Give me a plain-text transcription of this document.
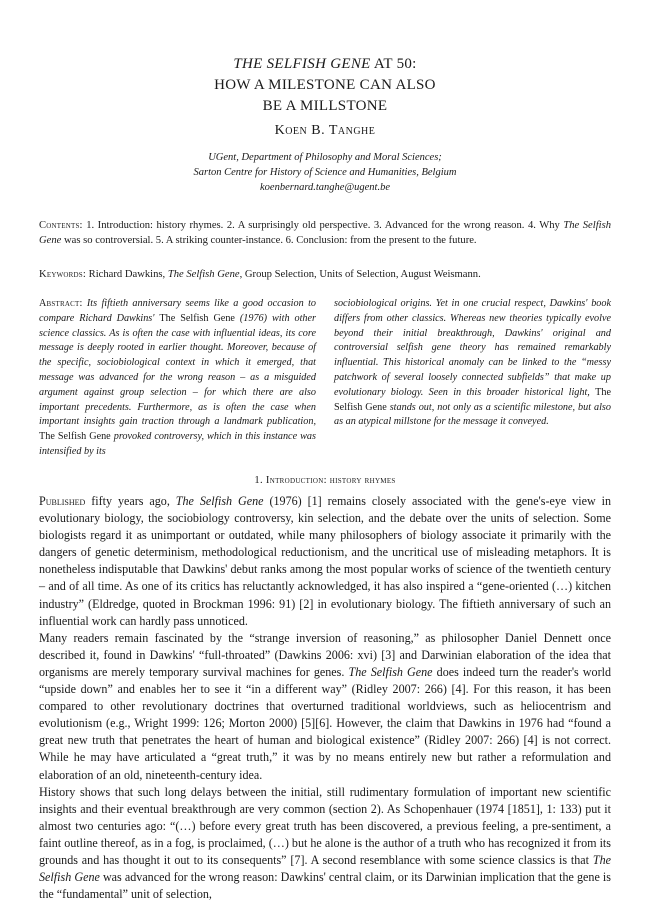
THE SELFISH GENE AT 50:
HOW A MILESTONE CAN ALSO
BE A MILLSTONE
Koen B. Tanghe
UGent, Department of Philosophy and Moral Sciences;
Sarton Centre for History of Science and Humanities, Belgium
koenbernard.tanghe@ugent.be
Contents: 1. Introduction: history rhymes. 2. A surprisingly old perspective. 3. Advanced for the wrong reason. 4. Why The Selfish Gene was so controversial. 5. A striking counter-instance. 6. Conclusion: from the present to the future.
Keywords: Richard Dawkins, The Selfish Gene, Group Selection, Units of Selection, August Weismann.
Abstract: Its fiftieth anniversary seems like a good occasion to compare Richard Dawkins' The Selfish Gene (1976) with other science classics. As is often the case with influential ideas, its core message is deeply rooted in earlier thought. Moreover, because of the specific, sociobiological context in which it emerged, that message was advanced for the wrong reason – as a misguided argument against group selection – for which there are also important precedents. Furthermore, as is often the case when important insights gain traction through a landmark publication, The Selfish Gene provoked controversy, which in this instance was intensified by its
sociobiological origins. Yet in one crucial respect, Dawkins' book differs from other classics. Whereas new theories typically evolve beyond their initial breakthrough, Dawkins' original and controversial selfish gene theory has remained remarkably influential. This historical anomaly can be linked to the “messy patchwork of several loosely connected subfields” that make up evolutionary biology. Seen in this broader historical light, The Selfish Gene stands out, not only as a scientific milestone, but also as an atypical millstone for the message it conveyed.
1. Introduction: history rhymes

Published fifty years ago, The Selfish Gene (1976) [1] remains closely associated with the gene's-eye view in evolutionary biology, the sociobiology controversy, kin selection, and the debate over the units of selection. Some biologists regard it as unimportant or outdated, while many philosophers of biology associate it primarily with the dangers of genetic determinism, methodological reductionism, and the uncritical use of misleading metaphors. It is nonetheless indisputable that Dawkins' debut ranks among the most popular works of science of the twentieth century – and of all time. As one of its critics has reluctantly acknowledged, it has also inspired a “gene-oriented (…) kitchen industry” (Eldredge, quoted in Brockman 1996: 91) [2] in evolutionary biology. The fiftieth anniversary of such an influential work can hardly pass unnoticed.

Many readers remain fascinated by the “strange inversion of reasoning,” as philosopher Daniel Dennett once described it, found in Dawkins' “full-throated” (Dawkins 2006: xvi) [3] and Darwinian elaboration of the idea that organisms are merely temporary survival machines for genes. The Selfish Gene does indeed turn the reader's world “upside down” and enables her to see it “in a different way” (Ridley 2007: 266) [4]. For this reason, it has been compared to other revolutionary doctrines that overturned traditional worldviews, such as heliocentrism and evolutionism (e.g., Wright 1999: 126; Morton 2000) [5][6]. However, the claim that Dawkins in 1976 had “found a great new truth that penetrates the heart of human and biological existence” (Ridley 2007: 266) [4] is not correct. While he may have articulated a “great truth,” it was by no means entirely new but rather a reformulation and elaboration of an old, nineteenth-century idea.

History shows that such long delays between the initial, still rudimentary formulation of important new scientific insights and their eventual breakthrough are very common (section 2). As Schopenhauer (1974 [1851], 1: 133) put it almost two centuries ago: “(…) before every great truth has been discovered, a previous feeling, a pre-sentiment, a faint outline thereof, as in a fog, is proclaimed, (…) but he alone is the author of a truth who has recognized it from its grounds and has thought it out to its consequents” [7]. A second resemblance with some science classics is that The Selfish Gene was advanced for the wrong reason: Dawkins' central claim, or its Darwinian implication that the gene is the “fundamental” unit of selection,
